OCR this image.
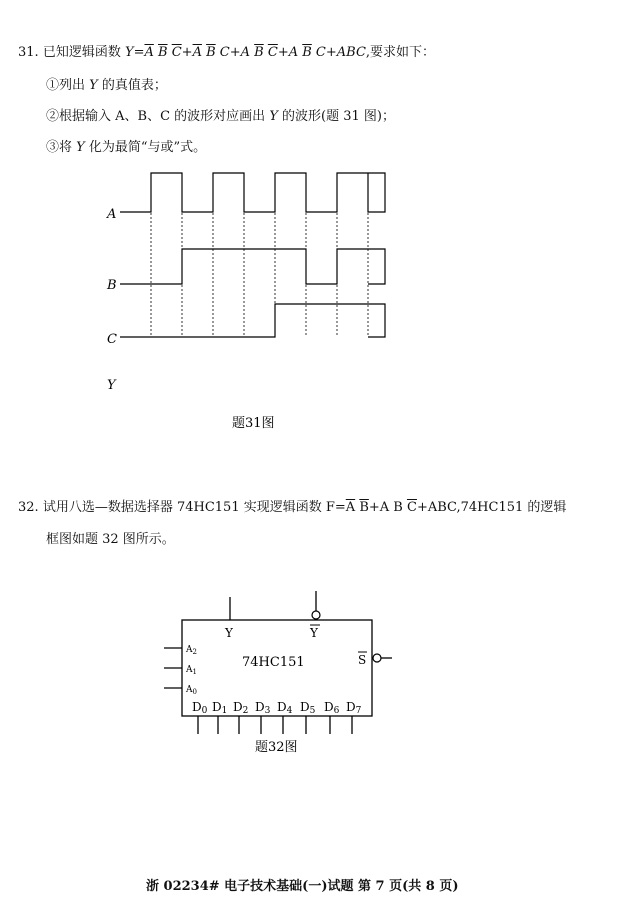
31. 已知逻辑函数 $Y=\overline{A}$ $\overline{B}$ $\overline{C}+\overline{A}$ $\overline{B}$ C+A $\overline{B}$ $\overline{C}+A$ $\overline{B}$ C+ABC,要求如下：
①列出 Y 的真值表；
②根据输入 A、B、C 的波形对应画出 Y 的波形(题 31 图)；
③将 Y 化为最简“与或”式。
A
B
C
Y
题31图
32. 试用八选—数据选择器 74HC151 实现逻辑函数 $F=\overline{A}$ $\overline{B}+A$ B $\overline{C}+ABC,74HC151$ 的逻辑
框图如题 32 图所示。
Y	Y
S
74HC151
$A_2$
$A_1$
$A_0$
D0 D1 D2 D3 D4 D5 D6 D7
题32图
浙 02234# 电子技术基础(一)试题 第 7 页(共 8 页)
